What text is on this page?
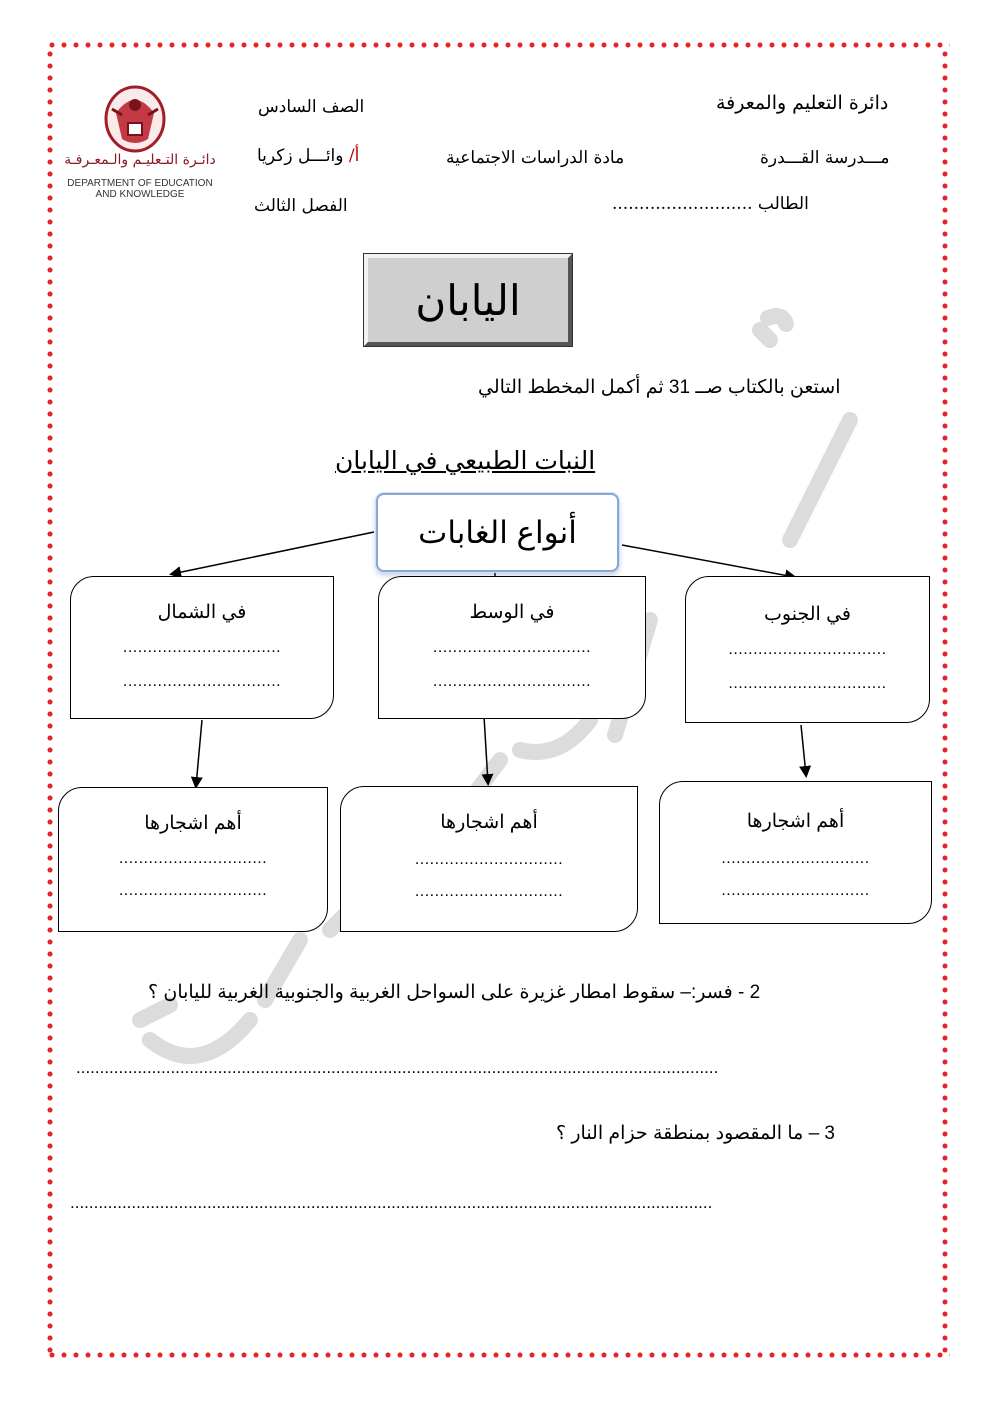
دائرة التعليم والمعرفة
الصف السادس
مـــدرسة القـــدرة
مادة الدراسات الاجتماعية
أ/ وائـــل زكريا
الطالب ..........................
الفصل الثالث
دائـرة التـعليـم والـمعـرفـة
DEPARTMENT OF EDUCATION
AND KNOWLEDGE
اليابان
استعن بالكتاب صــ 31 ثم أكمل المخطط التالي
النبات الطبيعي في اليابان
أنواع الغابات
في الجنوب
................................
................................
في الوسط
................................
................................
في الشمال
................................
................................
أهم اشجارها
..............................
..............................
أهم اشجارها
..............................
..............................
أهم اشجارها
..............................
..............................
2 - فسر:– سقوط امطار غزيرة على السواحل الغربية والجنوبية الغربية لليابان ؟
........................................................................................................................................
3 – ما المقصود بمنطقة حزام النار ؟
........................................................................................................................................
